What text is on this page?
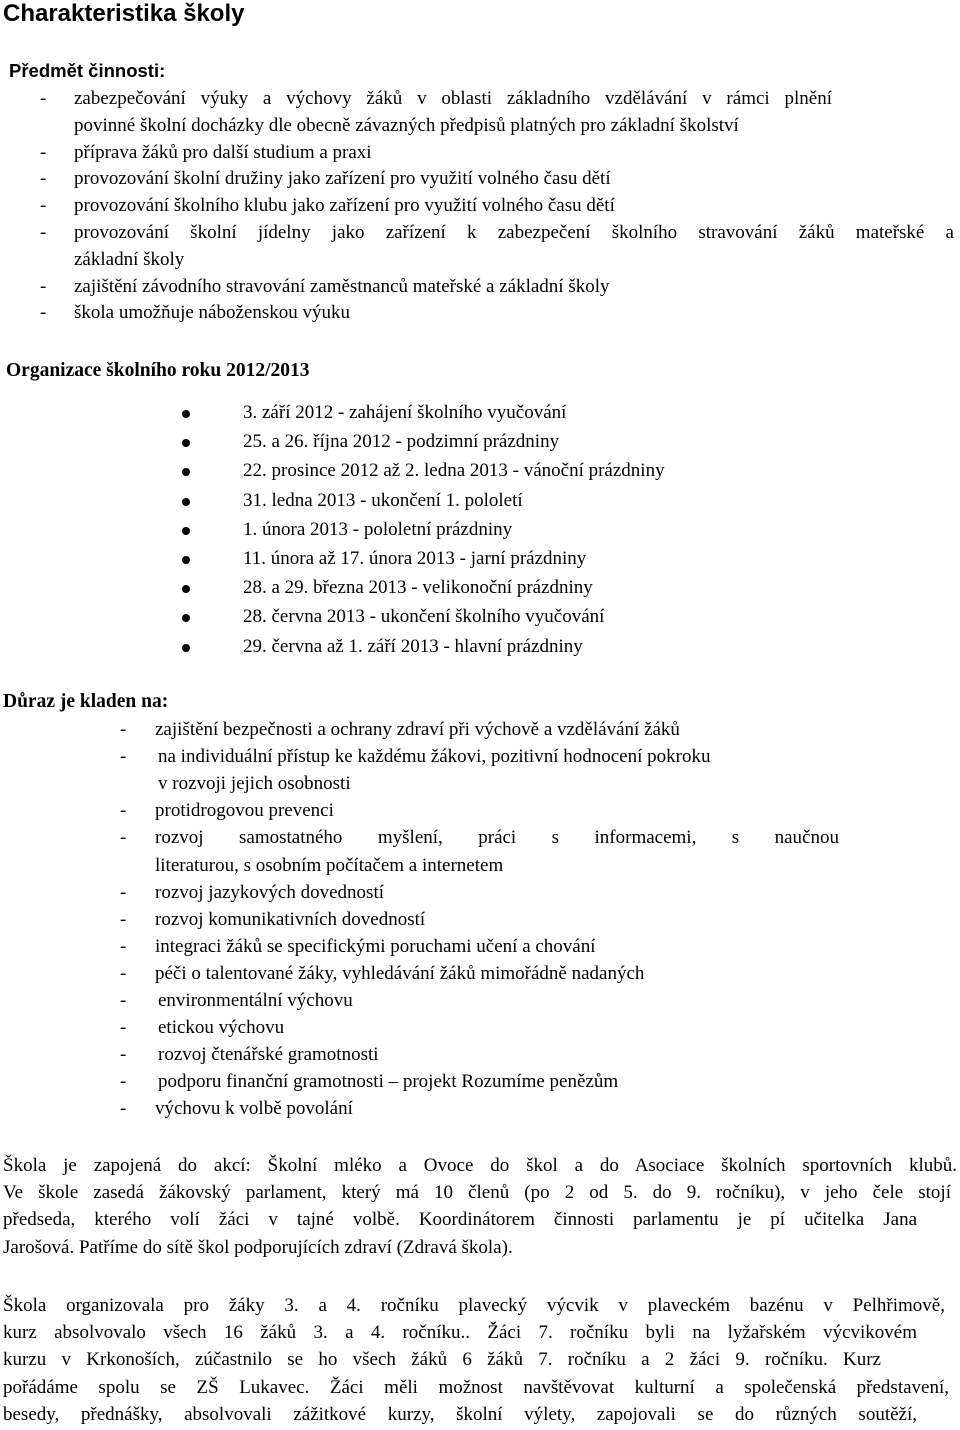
Charakteristika školy
Předmět činnosti:
- zabezpečování výuky a výchovy žáků v oblasti základního vzdělávání v rámci plnění
povinné školní docházky dle obecně závazných předpisů platných pro základní školství
- příprava žáků pro další studium a praxi
- provozování školní družiny jako zařízení pro využití volného času dětí
- provozování školního klubu jako zařízení pro využití volného času dětí
- provozování školní jídelny jako zařízení k zabezpečení školního stravování žáků mateřské a
základní školy
- zajištění závodního stravování zaměstnanců mateřské a základní školy
- škola umožňuje náboženskou výuku
Organizace školního roku 2012/2013
3. září 2012 - zahájení školního vyučování
25. a 26. října 2012 - podzimní prázdniny
22. prosince 2012 až 2. ledna 2013 - vánoční prázdniny
31. ledna 2013 - ukončení 1. pololetí
1. února 2013 - pololetní prázdniny
11. února až 17. února 2013 - jarní prázdniny
28. a 29. března 2013 - velikonoční prázdniny
28. června 2013 - ukončení školního vyučování
29. června až 1. září 2013 - hlavní prázdniny
Důraz je kladen na:
- zajištění bezpečnosti a ochrany zdraví při výchově a vzdělávání žáků
- na individuální přístup ke každému žákovi, pozitivní hodnocení pokroku
v rozvoji jejich osobnosti
- protidrogovou prevenci
- rozvoj samostatného myšlení, práci s informacemi, s naučnou
literaturou, s osobním počítačem a internetem
- rozvoj jazykových dovedností
- rozvoj komunikativních dovedností
- integraci žáků se specifickými poruchami učení a chování
- péči o talentované žáky, vyhledávání žáků mimořádně nadaných
- environmentální výchovu
- etickou výchovu
- rozvoj čtenářské gramotnosti
- podporu finanční gramotnosti – projekt Rozumíme penězům
- výchovu k volbě povolání
Škola je zapojená do akcí: Školní mléko a Ovoce do škol a do Asociace školních sportovních klubů.
Ve škole zasedá žákovský parlament, který má 10 členů (po 2 od 5. do 9. ročníku), v jeho čele stojí
předseda, kterého volí žáci v tajné volbě. Koordinátorem činnosti parlamentu je pí učitelka Jana
Jarošová. Patříme do sítě škol podporujících zdraví (Zdravá škola).
Škola organizovala pro žáky 3. a 4. ročníku plavecký výcvik v plaveckém bazénu v Pelhřimově,
kurz absolvovalo všech 16 žáků 3. a 4. ročníku.. Žáci 7. ročníku byli na lyžařském výcvikovém
kurzu v Krkonoších, zúčastnilo se ho všech žáků 6 žáků 7. ročníku a 2 žáci 9. ročníku. Kurz
pořádáme spolu se ZŠ Lukavec. Žáci měli možnost navštěvovat kulturní a společenská představení,
besedy, přednášky, absolvovali zážitkové kurzy, školní výlety, zapojovali se do různých soutěží,
